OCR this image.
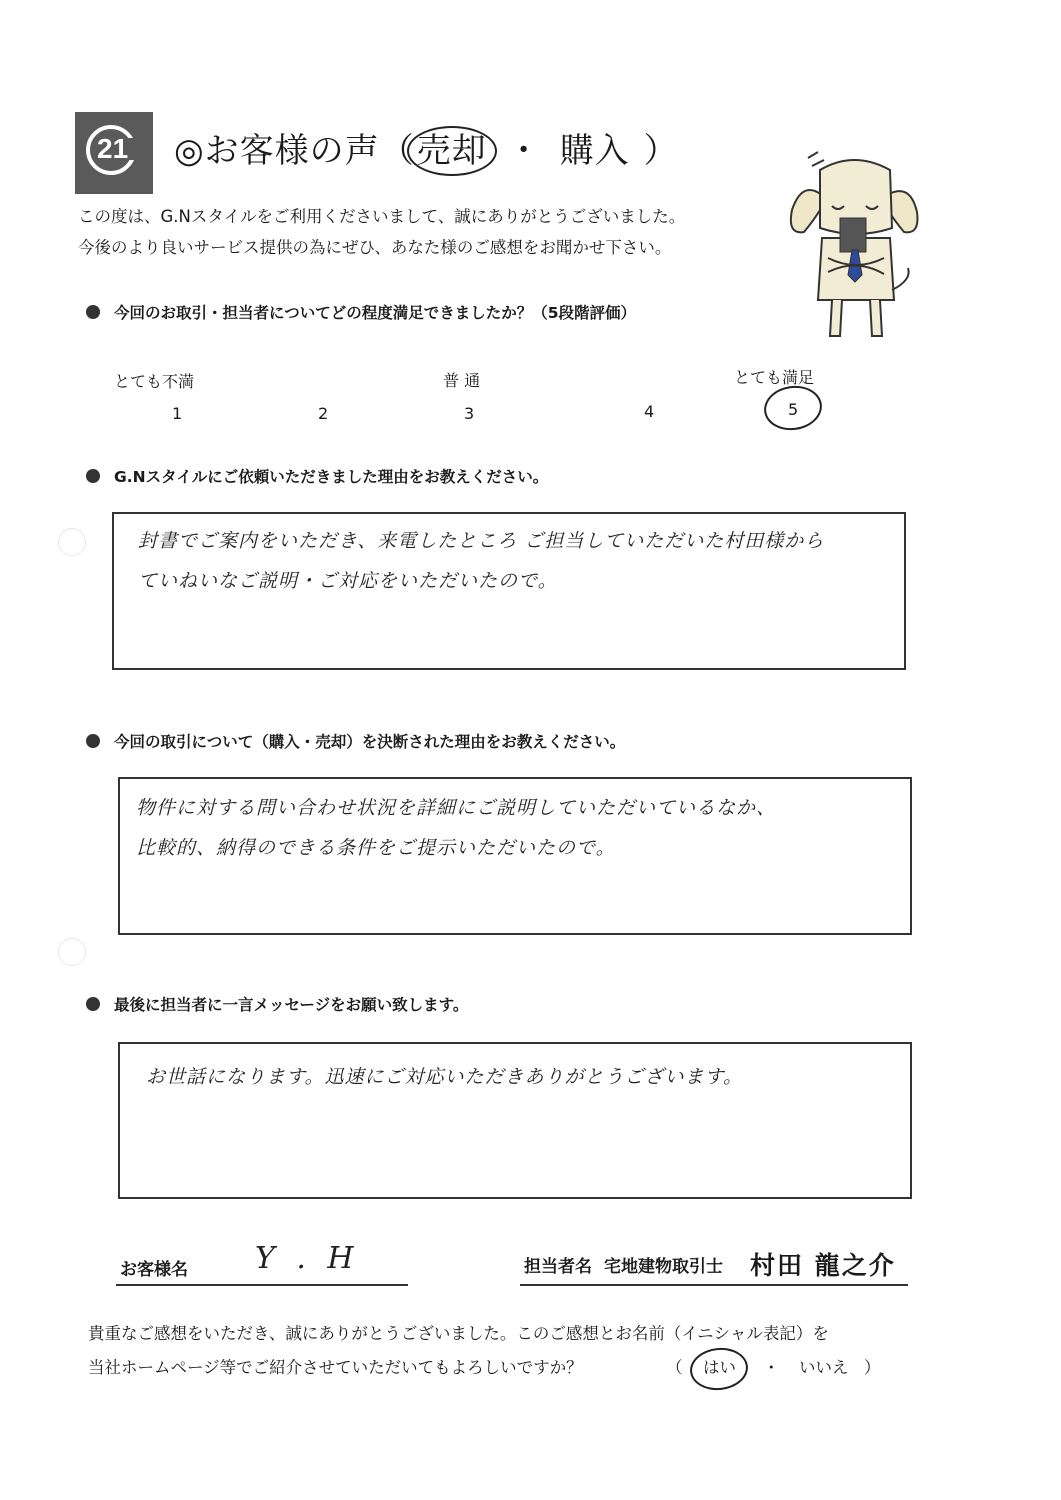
21 ◎お客様の声（売却 ・ 購入 ）
この度は、G.Nスタイルをご利用くださいまして、誠にありがとうございました。
今後のより良いサービス提供の為にぜひ、あなた様のご感想をお聞かせ下さい。
今回のお取引・担当者についてどの程度満足できましたか？（5段階評価）
とても不満	普 通	とても満足
1	2	3	4	5
G.Nスタイルにご依頼いただきました理由をお教えください。
封書でご案内をいただき、来電したところ ご担当していただいた村田様から
ていねいなご説明・ご対応をいただいたので。
今回の取引について（購入・売却）を決断された理由をお教えください。
物件に対する問い合わせ状況を詳細にご説明していただいているなか、
比較的、納得のできる条件をご提示いただいたので。
最後に担当者に一言メッセージをお願い致します。
お世話になります。迅速にご対応いただきありがとうございます。
お客様名 Y . H	担当者名 宅地建物取引士 村田 龍之介
貴重なご感想をいただき、誠にありがとうございました。このご感想とお名前（イニシャル表記）を
当社ホームページ等でご紹介させていただいてもよろしいですか？	（ はい ・ いいえ ）
